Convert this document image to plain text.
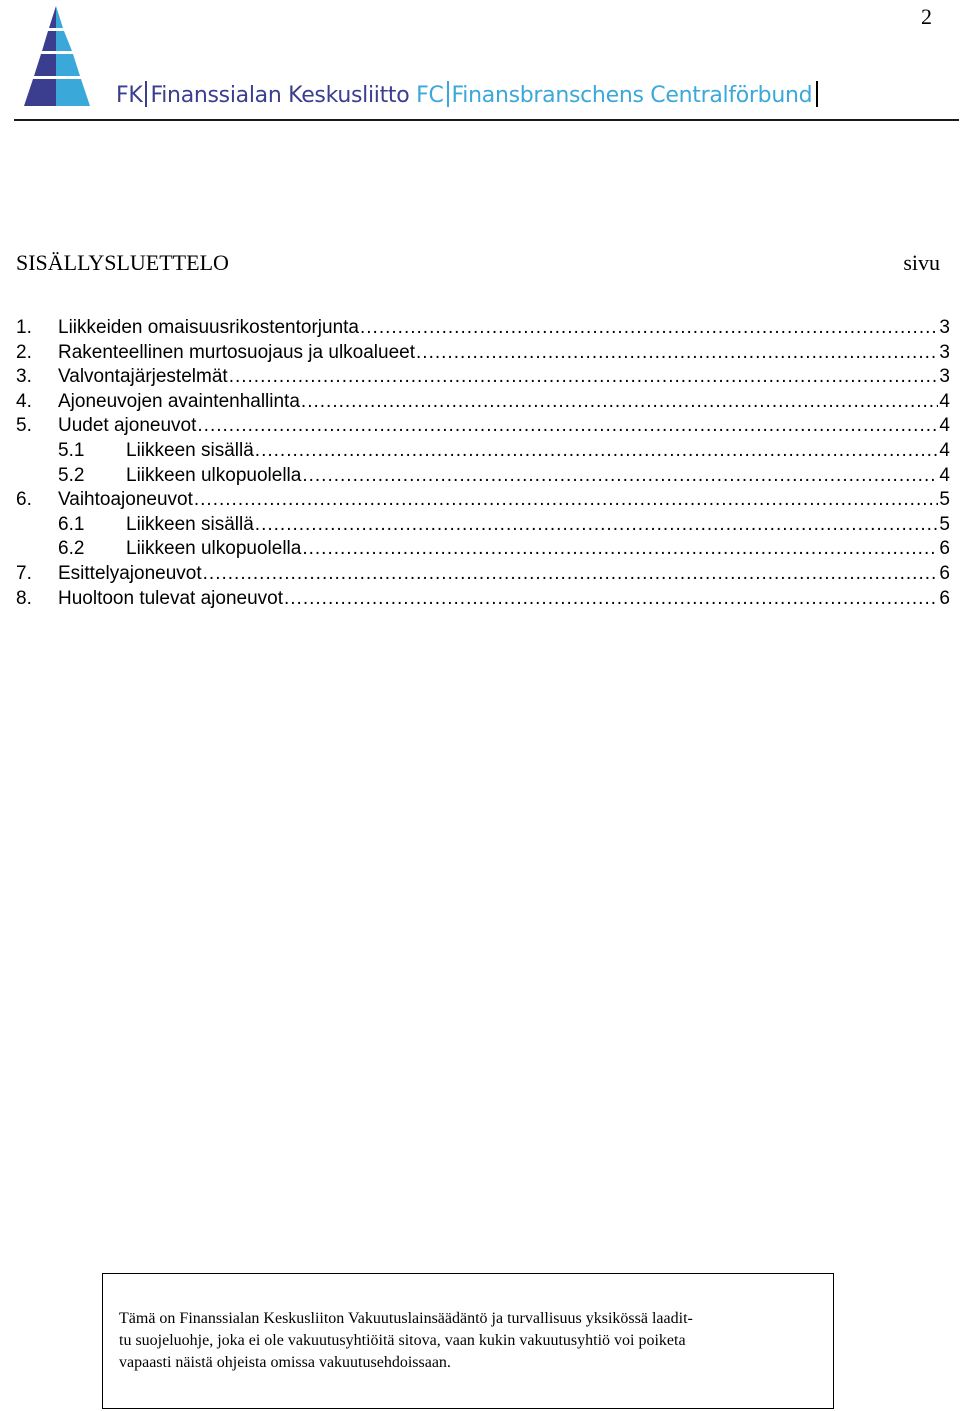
2
FK Finanssialan Keskusliitto FC Finansbranschens Centralförbund
SISÄLLYSLUETTELO	sivu
1.	Liikkeiden omaisuusrikostentorjunta .....	3
2.	Rakenteellinen murtosuojaus ja ulkoalueet .....	3
3.	Valvontajärjestelmät .....	3
4.	Ajoneuvojen avaintenhallinta .....	4
5.	Uudet ajoneuvot .....	4
5.1	Liikkeen sisällä .....	4
5.2	Liikkeen ulkopuolella .....	4
6.	Vaihtoajoneuvot .....	5
6.1	Liikkeen sisällä .....	5
6.2	Liikkeen ulkopuolella .....	6
7.	Esittelyajoneuvot .....	6
8.	Huoltoon tulevat ajoneuvot .....	6
Tämä on Finanssialan Keskusliiton Vakuutuslainsäädäntö ja turvallisuus yksikössä laadit-
tu suojeluohje, joka ei ole vakuutusyhtiöitä sitova, vaan kukin vakuutusyhtiö voi poiketa
vapaasti näistä ohjeista omissa vakuutusehdoissaan.
